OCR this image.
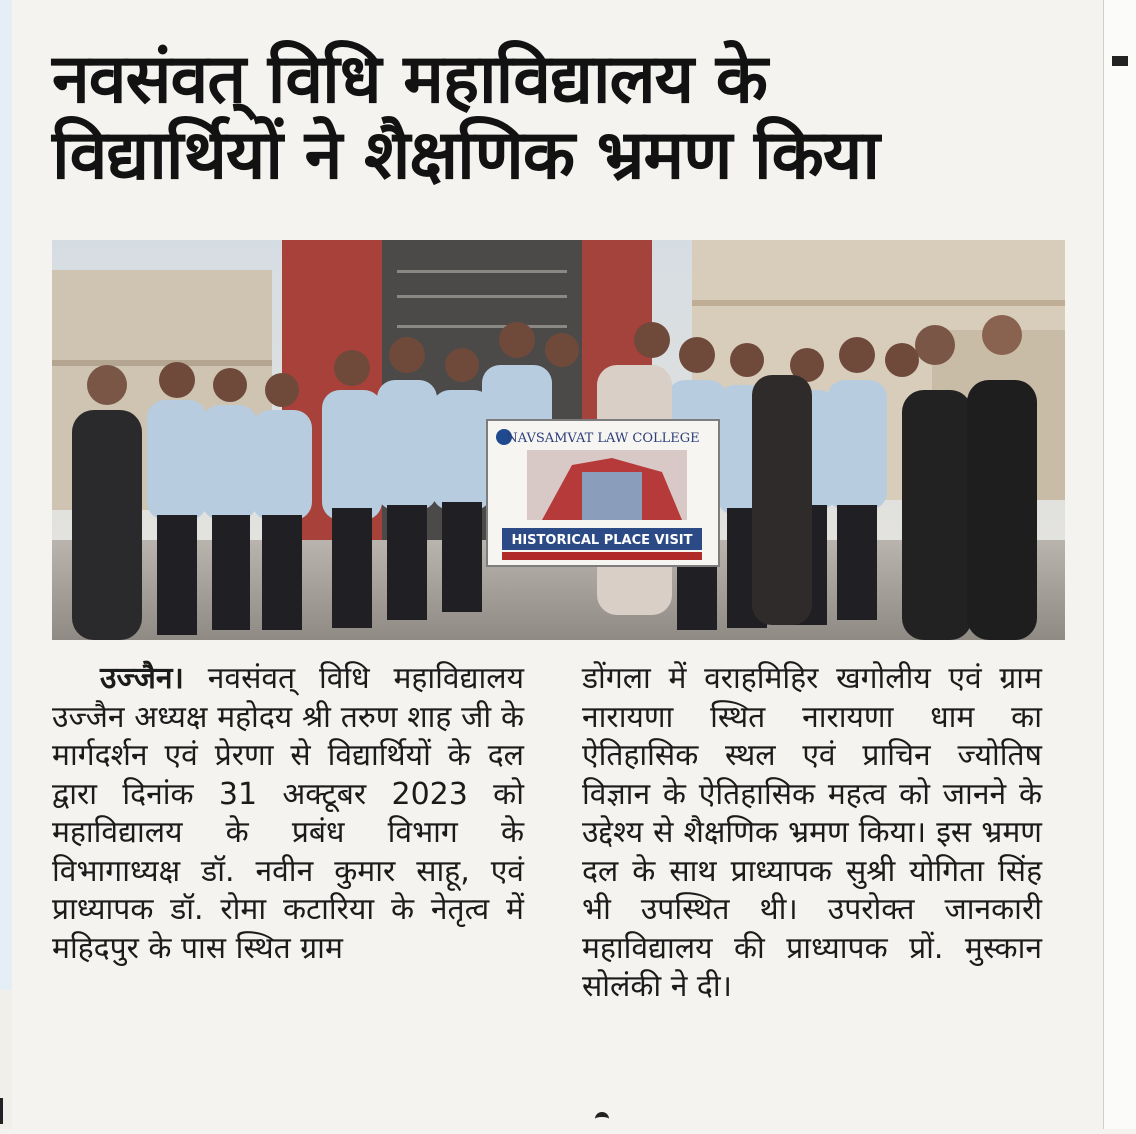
नवसंवत् विधि महाविद्यालय के
विद्यार्थियों ने शैक्षणिक भ्रमण किया
NAVSAMVAT LAW COLLEGE
HISTORICAL PLACE VISIT

उज्जैन। नवसंवत् विधि महाविद्यालय उज्जैन अध्यक्ष महोदय श्री तरुण शाह जी के मार्गदर्शन एवं प्रेरणा से विद्यार्थियों के दल द्वारा दिनांक 31 अक्टूबर 2023 को महाविद्यालय के प्रबंध विभाग के विभागाध्यक्ष डॉ. नवीन कुमार साहू, एवं प्राध्यापक डॉ. रोमा कटारिया के नेतृत्व में महिदपुर के पास स्थित ग्राम

डोंगला में वराहमिहिर खगोलीय एवं ग्राम नारायणा स्थित नारायणा धाम का ऐतिहासिक स्थल एवं प्राचिन ज्योतिष विज्ञान के ऐतिहासिक महत्व को जानने के उद्देश्य से शैक्षणिक भ्रमण किया। इस भ्रमण दल के साथ प्राध्यापक सुश्री योगिता सिंह भी उपस्थित थी। उपरोक्त जानकारी महाविद्यालय की प्राध्यापक प्रों. मुस्कान सोलंकी ने दी।
